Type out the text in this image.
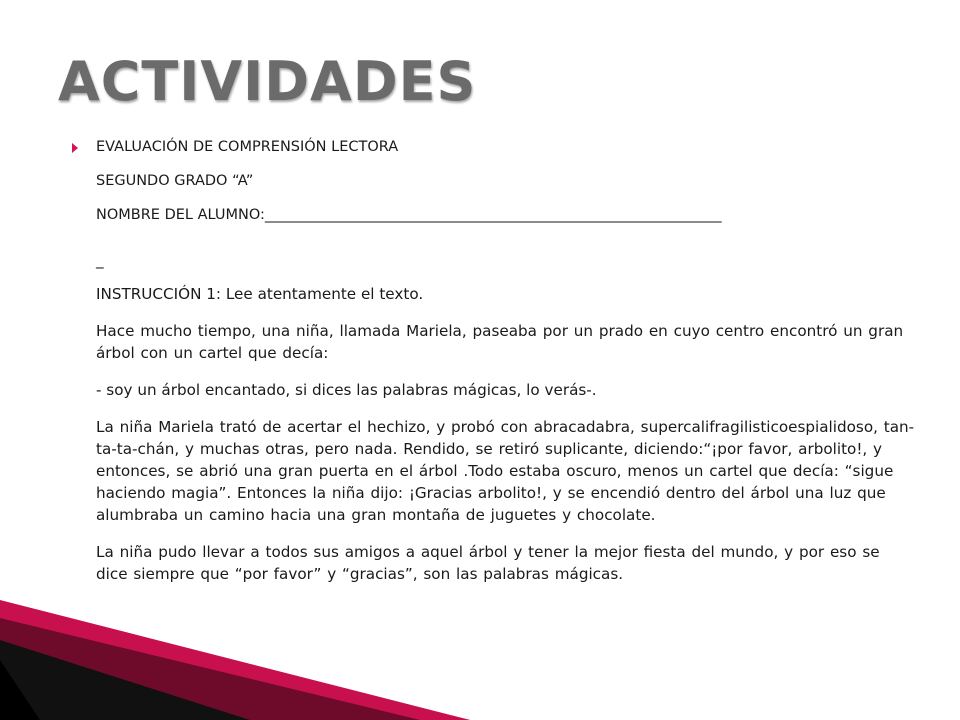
ACTIVIDADES
EVALUACIÓN DE COMPRENSIÓN LECTORA
SEGUNDO GRADO “A”
NOMBRE DEL ALUMNO:_______________________________________________________________
_
INSTRUCCIÓN 1: Lee atentamente el texto.
Hace mucho tiempo, una niña, llamada Mariela, paseaba por un prado en cuyo centro encontró un gran árbol con un cartel que decía:
- soy un árbol encantado, si dices las palabras mágicas, lo verás-.
La niña Mariela trató de acertar el hechizo, y probó con abracadabra, supercalifragilisticoespialidoso, tan-ta-ta-chán, y muchas otras, pero nada. Rendido, se retiró suplicante, diciendo:“¡por favor, arbolito!, y entonces, se abrió una gran puerta en el árbol .Todo estaba oscuro, menos un cartel que decía: “sigue haciendo magia”. Entonces la niña dijo: ¡Gracias arbolito!, y se encendió dentro del árbol una luz que alumbraba un camino hacia una gran montaña de juguetes y chocolate.
La niña pudo llevar a todos sus amigos a aquel árbol y tener la mejor fiesta del mundo, y por eso se dice siempre que “por favor” y “gracias”, son las palabras mágicas.
